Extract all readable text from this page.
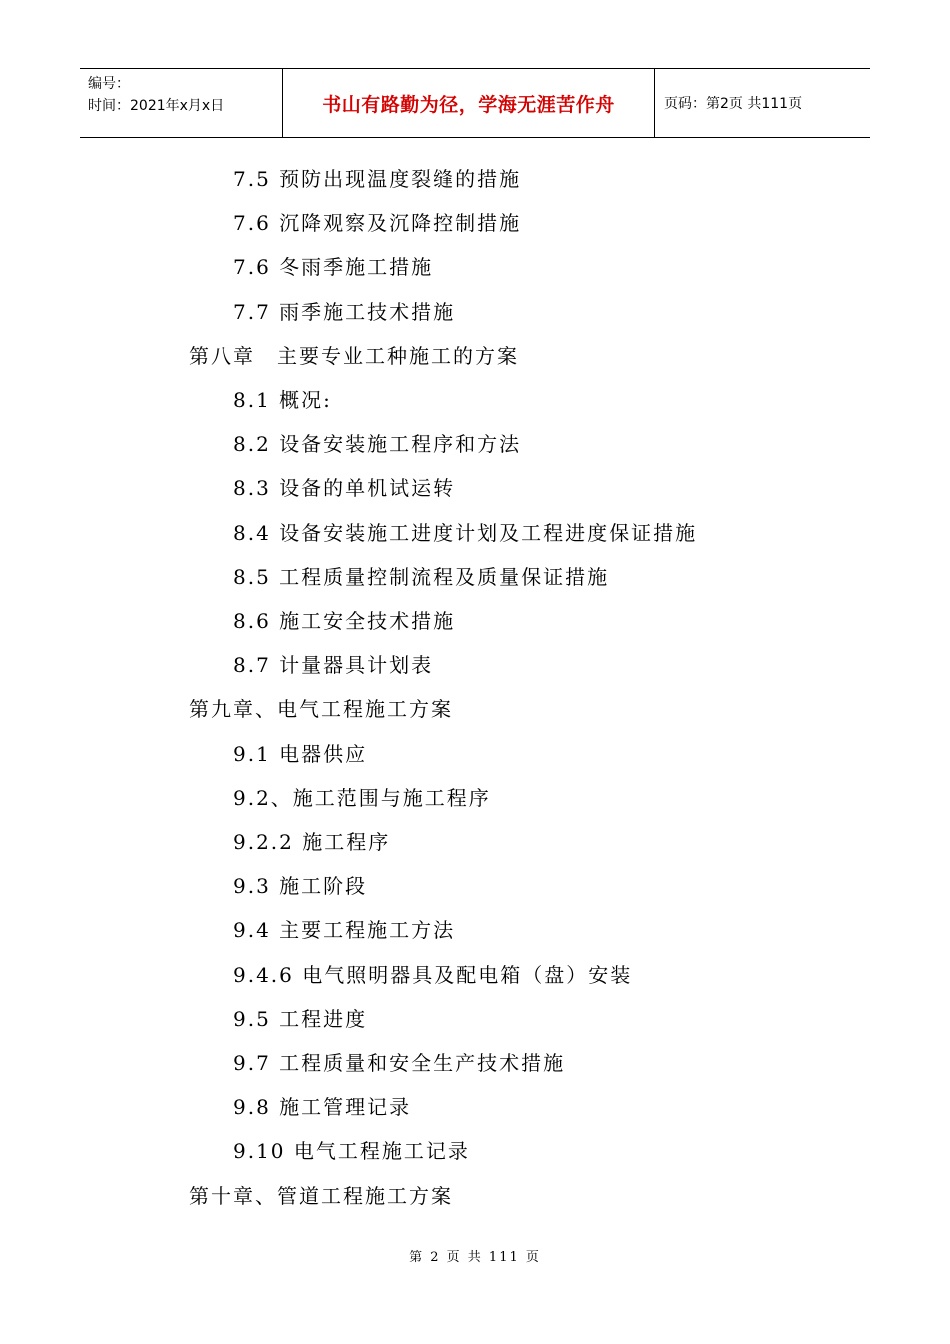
编号：
时间：2021年x月x日	书山有路勤为径，学海无涯苦作舟	页码：第2页 共111页
7.5 预防出现温度裂缝的措施
7.6 沉降观察及沉降控制措施
7.6 冬雨季施工措施
7.7 雨季施工技术措施
第八章　主要专业工种施工的方案
8.1 概况:
8.2 设备安装施工程序和方法
8.3 设备的单机试运转
8.4 设备安装施工进度计划及工程进度保证措施
8.5 工程质量控制流程及质量保证措施
8.6 施工安全技术措施
8.7 计量器具计划表
第九章、电气工程施工方案
9.1 电器供应
9.2、施工范围与施工程序
9.2.2 施工程序
9.3 施工阶段
9.4 主要工程施工方法
9.4.6 电气照明器具及配电箱（盘）安装
9.5 工程进度
9.7 工程质量和安全生产技术措施
9.8 施工管理记录
9.10 电气工程施工记录
第十章、管道工程施工方案
第 2 页 共 111 页
